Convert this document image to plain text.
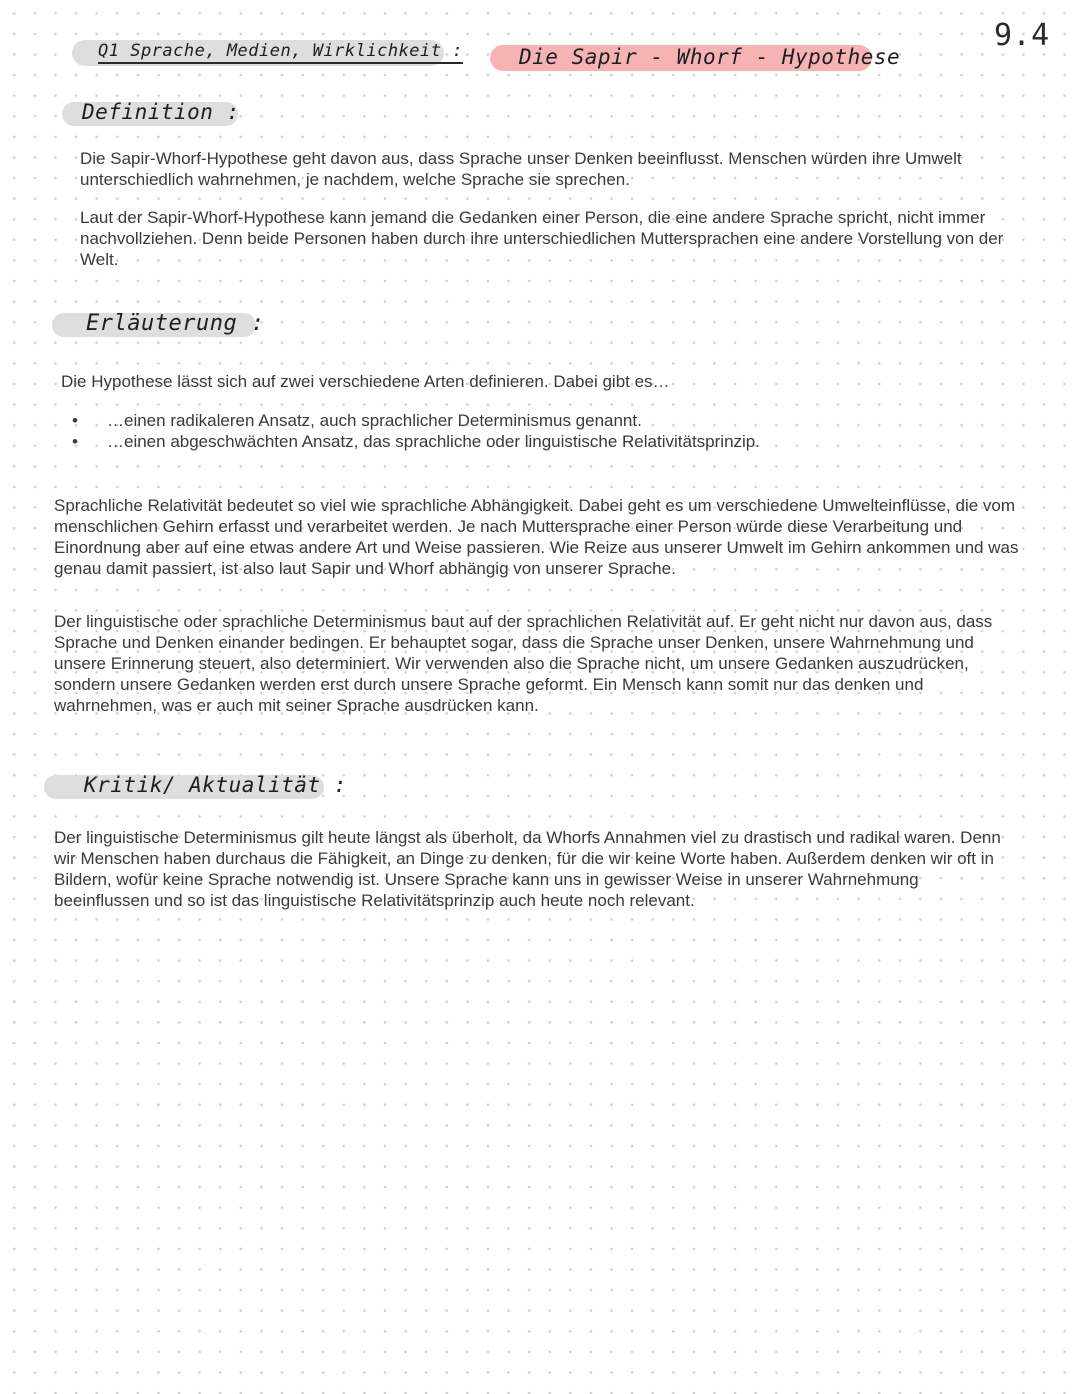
Q1 Sprache, Medien, Wirklichkeit :	Die Sapir - Whorf - Hypothese
9.4
Definition :

Die Sapir-Whorf-Hypothese geht davon aus, dass Sprache unser Denken beeinflusst. Menschen würden ihre Umwelt unterschiedlich wahrnehmen, je nachdem, welche Sprache sie sprechen.

Laut der Sapir-Whorf-Hypothese kann jemand die Gedanken einer Person, die eine andere Sprache spricht, nicht immer nachvollziehen. Denn beide Personen haben durch ihre unterschiedlichen Muttersprachen eine andere Vorstellung von der Welt.

Erläuterung :

Die Hypothese lässt sich auf zwei verschiedene Arten definieren. Dabei gibt es…

• …einen radikaleren Ansatz, auch sprachlicher Determinismus genannt.
• …einen abgeschwächten Ansatz, das sprachliche oder linguistische Relativitätsprinzip.

Sprachliche Relativität bedeutet so viel wie sprachliche Abhängigkeit. Dabei geht es um verschiedene Umwelteinflüsse, die vom menschlichen Gehirn erfasst und verarbeitet werden. Je nach Muttersprache einer Person würde diese Verarbeitung und Einordnung aber auf eine etwas andere Art und Weise passieren. Wie Reize aus unserer Umwelt im Gehirn ankommen und was genau damit passiert, ist also laut Sapir und Whorf abhängig von unserer Sprache.

Der linguistische oder sprachliche Determinismus baut auf der sprachlichen Relativität auf. Er geht nicht nur davon aus, dass Sprache und Denken einander bedingen. Er behauptet sogar, dass die Sprache unser Denken, unsere Wahrnehmung und unsere Erinnerung steuert, also determiniert. Wir verwenden also die Sprache nicht, um unsere Gedanken auszudrücken, sondern unsere Gedanken werden erst durch unsere Sprache geformt. Ein Mensch kann somit nur das denken und wahrnehmen, was er auch mit seiner Sprache ausdrücken kann.

Kritik/ Aktualität :

Der linguistische Determinismus gilt heute längst als überholt, da Whorfs Annahmen viel zu drastisch und radikal waren. Denn wir Menschen haben durchaus die Fähigkeit, an Dinge zu denken, für die wir keine Worte haben. Außerdem denken wir oft in Bildern, wofür keine Sprache notwendig ist. Unsere Sprache kann uns in gewisser Weise in unserer Wahrnehmung beeinflussen und so ist das linguistische Relativitätsprinzip auch heute noch relevant.
